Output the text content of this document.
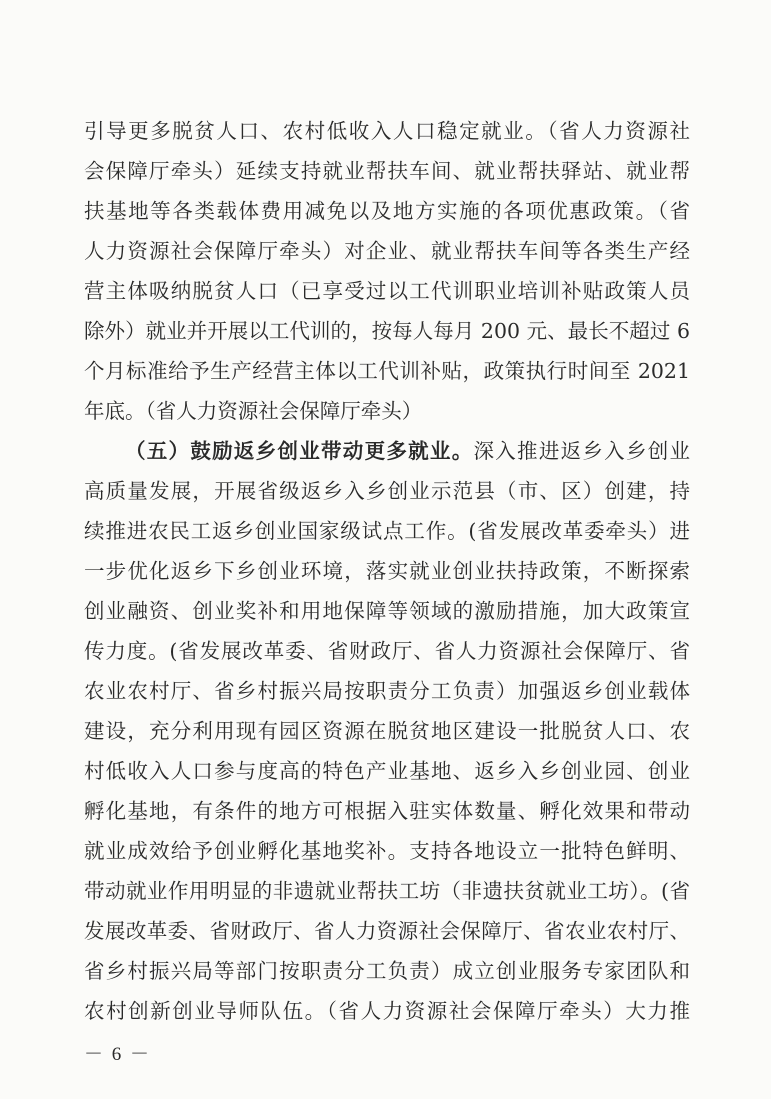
引导更多脱贫人口、农村低收入人口稳定就业。（省人力资源社
会保障厅牵头）延续支持就业帮扶车间、就业帮扶驿站、就业帮
扶基地等各类载体费用减免以及地方实施的各项优惠政策。（省
人力资源社会保障厅牵头）对企业、就业帮扶车间等各类生产经
营主体吸纳脱贫人口（已享受过以工代训职业培训补贴政策人员
除外）就业并开展以工代训的，按每人每月 200 元、最长不超过 6
个月标准给予生产经营主体以工代训补贴，政策执行时间至 2021
年底。（省人力资源社会保障厅牵头）
（五）鼓励返乡创业带动更多就业。深入推进返乡入乡创业
高质量发展，开展省级返乡入乡创业示范县（市、区）创建，持
续推进农民工返乡创业国家级试点工作。(省发展改革委牵头）进
一步优化返乡下乡创业环境，落实就业创业扶持政策，不断探索
创业融资、创业奖补和用地保障等领域的激励措施，加大政策宣
传力度。(省发展改革委、省财政厅、省人力资源社会保障厅、省
农业农村厅、省乡村振兴局按职责分工负责）加强返乡创业载体
建设，充分利用现有园区资源在脱贫地区建设一批脱贫人口、农
村低收入人口参与度高的特色产业基地、返乡入乡创业园、创业
孵化基地，有条件的地方可根据入驻实体数量、孵化效果和带动
就业成效给予创业孵化基地奖补。支持各地设立一批特色鲜明、
带动就业作用明显的非遗就业帮扶工坊（非遗扶贫就业工坊）。(省
发展改革委、省财政厅、省人力资源社会保障厅、省农业农村厅、
省乡村振兴局等部门按职责分工负责）成立创业服务专家团队和
农村创新创业导师队伍。（省人力资源社会保障厅牵头）大力推
－ 6 －
